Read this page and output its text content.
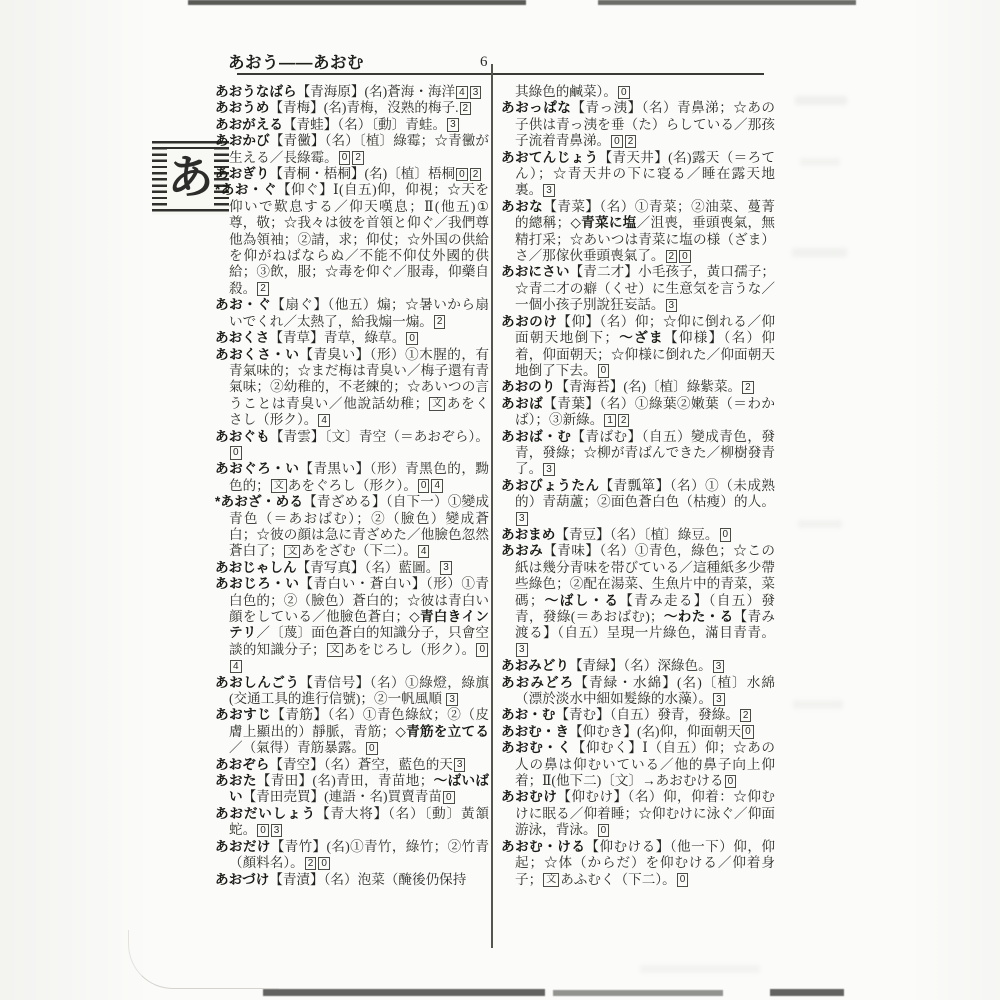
あ
あおう――あおむ	6
あおうなばら【青海原】(名)蒼海・海洋 4 3
あおうめ【青梅】(名)青梅，沒熟的梅子. 2
あおがえる【青蛙】（名）〔動〕青蛙。 3
あおかび【青黴】（名）〔植〕綠霉；☆青黴が生える／長綠霉。 0 2
あおぎり【青桐・梧桐】(名)〔植〕梧桐 0 2
*あお・ぐ【仰ぐ】Ⅰ(自五)仰，仰視；☆天を仰いで歎息する／仰天嘆息；Ⅱ(他五)①尊，敬；☆我々は彼を首領と仰ぐ／我們尊他為領袖；②請，求；仰仗；☆外国の供給を仰がねばならぬ／不能不仰仗外國的供給；③飲，服；☆毒を仰ぐ／服毒，仰藥自殺。 2
あお・ぐ【扇ぐ】（他五）煽；☆暑いから扇いでくれ／太熱了，給我煽一煽。 2
あおくさ【青草】青草，綠草。 0
あおくさ・い【青臭い】（形）①木腥的，有青氣味的；☆まだ梅は青臭い／梅子還有青氣味；②幼稚的，不老練的；☆あいつの言うことは青臭い／他說話幼稚； 文 あをくさし（形ク）。 4
あおぐも【青雲】〔文〕青空（＝あおぞら）。0
あおぐろ・い【青黒い】（形）青黑色的，黝色的； 文 あをぐろし（形ク）。 0 4
*あおざ・める【青ざめる】（自下一）①變成青色（＝あおばむ）；②（臉色）變成蒼白；☆彼の顔は急に青ざめた／他臉色忽然蒼白了； 文 あをざむ（下二）。 4
あおじゃしん【青写真】（名）藍圖。 3
あおじろ・い【青白い・蒼白い】（形）①青白色的；②（臉色）蒼白的；☆彼は青白い顔をしている／他臉色蒼白；◇青白きインテリ／〔蔑〕面色蒼白的知識分子，只會空談的知識分子； 文 あをじろし（形ク）。 04
あおしんごう【青信号】（名）①綠燈，綠旗(交通工具的進行信號)；②一帆風順 3
あおすじ【青筋】（名）①青色綠紋；②（皮膚上顯出的）靜脈，青筋；◇青筋を立てる／（氣得）青筋暴露。 0
あおぞら【青空】（名）蒼空，藍色的天 3
あおた【青田】(名)青田，青苗地；～ばいばい【青田売買】(連語・名)買賣青苗 0
あおだいしょう【青大将】（名）〔動〕黃頷蛇。 0 3
あおだけ【青竹】(名)①青竹，綠竹；②竹青（顏料名）。 2 0
あおづけ【青漬】（名）泡菜（醃後仍保持
其綠色的鹹菜）。 0
あおっぱな【青っ洟】（名）青鼻涕；☆あの子供は青っ洟を垂（た）らしている／那孩子流着青鼻涕。 0 2
あおてんじょう【青天井】(名)露天（＝ろてん）；☆青天井の下に寝る／睡在露天地裏。 3
あおな【青菜】（名）①青菜；②油菜、蔓菁的總稱；◇青菜に塩／沮喪，垂頭喪氣，無精打采；☆あいつは青菜に塩の様（ざま）さ／那傢伙垂頭喪氣了。 2 0
あおにさい【青二才】小毛孩子，黃口孺子；☆青二才の癖（くせ）に生意気を言うな／一個小孩子別說狂妄話。 3
あおのけ【仰】（名）仰；☆仰に倒れる／仰面朝天地倒下；～ざま【仰様】（名）仰着，仰面朝天；☆仰様に倒れた／仰面朝天地倒了下去。 0
あおのり【青海苔】(名)〔植〕綠紫菜。 2
あおば【青葉】（名）①綠葉②嫩葉（＝わかば）；③新綠。 1 2
あおば・む【青ばむ】（自五）變成青色，發青，發綠；☆柳が青ばんできた／柳樹發青了。 3
あおびょうたん【青瓢箪】（名）①（未成熟的）青葫蘆；②面色蒼白色（枯瘦）的人。3
あおまめ【青豆】（名）〔植〕綠豆。 0
あおみ【青味】（名）①青色，綠色；☆この紙は幾分青味を帯びている／這種紙多少帶些綠色；②配在湯菜、生魚片中的青菜，菜碼；～ばし・る【青み走る】（自五）發青，發綠(＝あおばむ)；～わた・る【青み渡る】（自五）呈現一片綠色，滿目青青。3
あおみどり【青緑】（名）深綠色。 3
あおみどろ【青緑・水綿】(名)〔植〕水綿（漂於淡水中細如髮綠的水藻）。 3
あお・む【青む】（自五）發青，發綠。 2
あおむ・き【仰むき】(名)仰，仰面朝天 0
あおむ・く【仰むく】Ⅰ（自五）仰；☆あの人の鼻は仰むいている／他的鼻子向上仰着；Ⅱ(他下二)〔文〕→あおむける 0
あおむけ【仰むけ】（名）仰，仰着：☆仰むけに眠る／仰着睡；☆仰むけに泳ぐ／仰面游泳，背泳。 0
あおむ・ける【仰むける】（他一下）仰，仰起；☆体（からだ）を仰むける／仰着身子； 文 あふむく（下二）。 0
